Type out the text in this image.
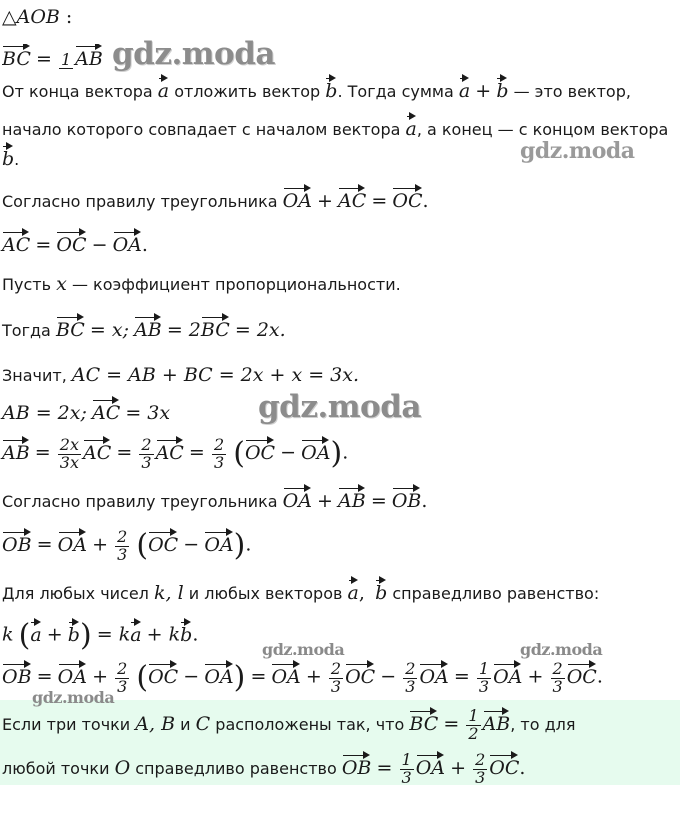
△AOB :
BC = 1 AB
От конца вектора a отложить вектор b. Тогда сумма a + b — это вектор,
начало которого совпадает с началом вектора a, а конец — с концом вектора
b.
Согласно правилу треугольника OA + AC = OC.
AC = OC − OA.
Пусть x — коэффициент пропорциональности.
Тогда BC = x; AB = 2BC = 2x.
Значит, AC = AB + BC = 2x + x = 3x.
AB = 2x; AC = 3x
AB = $\frac{2x}{3x}$ AC = $\frac{2}{3}$ AC = $\frac{2}{3} (OC - OA)$.
Согласно правилу треугольника OA + AB = OB.
OB = OA + $\frac{2}{3} (OC - OA)$.
Для любых чисел k, l и любых векторов a, b справедливо равенство:
k (a + b) = ka + kb.
OB = OA + $\frac{2}{3} (OC - OA)$ = OA + $\frac{2}{3}$ OC − $\frac{2}{3}$ OA = $\frac{1}{3}$ OA + $\frac{2}{3}$ OC.
Если три точки A, B и C расположены так, что BC = $\frac{1}{2}$ AB, то для
любой точки O справедливо равенство OB = $\frac{1}{3}$ OA + $\frac{2}{3}$ OC.
gdz.moda
gdz.moda
gdz.moda
gdz.moda	gdz.moda
gdz.moda
